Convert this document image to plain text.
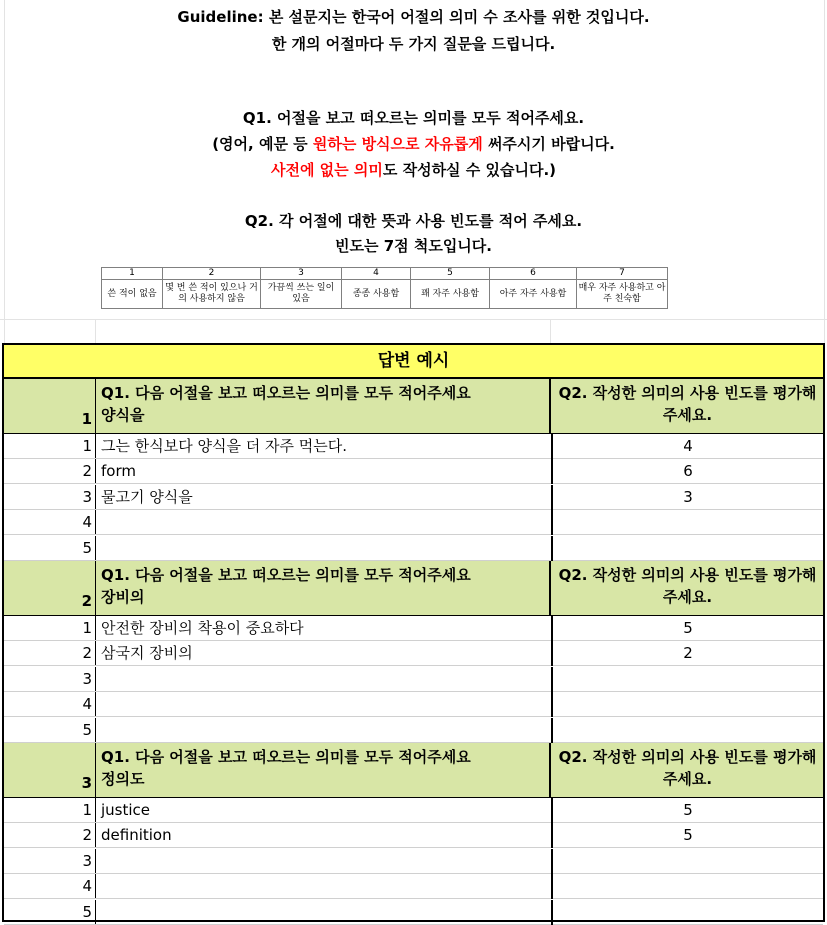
Guideline: 본 설문지는 한국어 어절의 의미 수 조사를 위한 것입니다.
한 개의 어절마다 두 가지 질문을 드립니다.
Q1. 어절을 보고 떠오르는 의미를 모두 적어주세요.
(영어, 예문 등 원하는 방식으로 자유롭게 써주시기 바랍니다.
사전에 없는 의미도 작성하실 수 있습니다.)
Q2. 각 어절에 대한 뜻과 사용 빈도를 적어 주세요.
빈도는 7점 척도입니다.
1	2	3	4	5	6	7
쓴 적이 없음	몇 번 쓴 적이 있으나 거의 사용하지 않음	가끔씩 쓰는 일이 있음	종종 사용함	꽤 자주 사용함	아주 자주 사용함	매우 자주 사용하고 아주 친숙함
답변 예시
1
Q1. 다음 어절을 보고 떠오르는 의미를 모두 적어주세요
양식을
Q2. 작성한 의미의 사용 빈도를 평가해 주세요.
1 그는 한식보다 양식을 더 자주 먹는다.	4
2 form	6
3 물고기 양식을	3
4
5
2
Q1. 다음 어절을 보고 떠오르는 의미를 모두 적어주세요
장비의
Q2. 작성한 의미의 사용 빈도를 평가해 주세요.
1 안전한 장비의 착용이 중요하다	5
2 삼국지 장비의	2
3
4
5
3
Q1. 다음 어절을 보고 떠오르는 의미를 모두 적어주세요
정의도
Q2. 작성한 의미의 사용 빈도를 평가해 주세요.
1 justice	5
2 definition	5
3
4
5
